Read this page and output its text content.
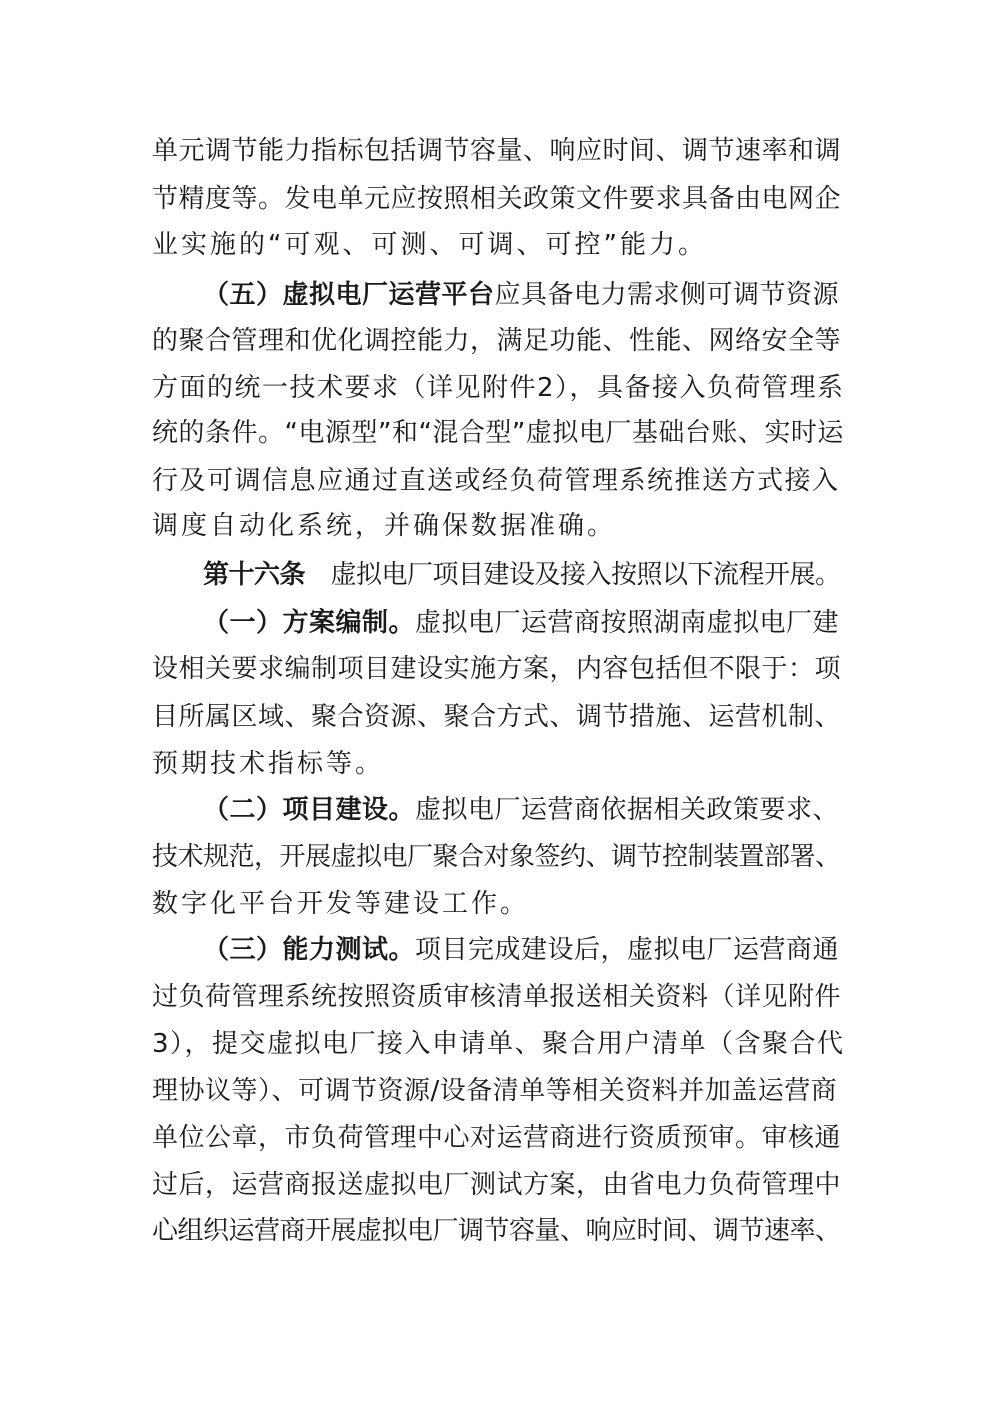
单元调节能力指标包括调节容量、响应时间、调节速率和调
节精度等。发电单元应按照相关政策文件要求具备由电网企
业实施的“可观、可测、可调、可控”能力。
（五）虚拟电厂运营平台应具备电力需求侧可调节资源
的聚合管理和优化调控能力，满足功能、性能、网络安全等
方面的统一技术要求（详见附件2），具备接入负荷管理系
统的条件。“电源型”和“混合型”虚拟电厂基础台账、实时运
行及可调信息应通过直送或经负荷管理系统推送方式接入
调度自动化系统，并确保数据准确。
第十六条　虚拟电厂项目建设及接入按照以下流程开展。
（一）方案编制。虚拟电厂运营商按照湖南虚拟电厂建
设相关要求编制项目建设实施方案，内容包括但不限于：项
目所属区域、聚合资源、聚合方式、调节措施、运营机制、
预期技术指标等。
（二）项目建设。虚拟电厂运营商依据相关政策要求、
技术规范，开展虚拟电厂聚合对象签约、调节控制装置部署、
数字化平台开发等建设工作。
（三）能力测试。项目完成建设后，虚拟电厂运营商通
过负荷管理系统按照资质审核清单报送相关资料（详见附件
3），提交虚拟电厂接入申请单、聚合用户清单（含聚合代
理协议等）、可调节资源/设备清单等相关资料并加盖运营商
单位公章，市负荷管理中心对运营商进行资质预审。审核通
过后，运营商报送虚拟电厂测试方案，由省电力负荷管理中
心组织运营商开展虚拟电厂调节容量、响应时间、调节速率、
